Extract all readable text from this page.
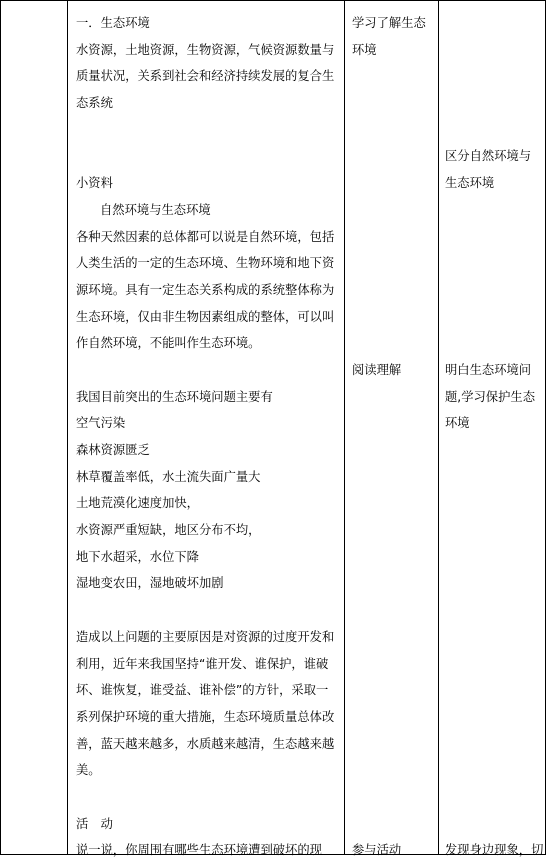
一．生态环境
水资源，土地资源，生物资源，气候资源数量与
质量状况，关系到社会和经济持续发展的复合生
态系统
小资料
自然环境与生态环境
各种天然因素的总体都可以说是自然环境，包括
人类生活的一定的生态环境、生物环境和地下资
源环境。具有一定生态关系构成的系统整体称为
生态环境，仅由非生物因素组成的整体，可以叫
作自然环境，不能叫作生态环境。
我国目前突出的生态环境问题主要有
空气污染
森林资源匮乏
林草覆盖率低，水土流失面广量大
土地荒漠化速度加快，
水资源严重短缺，地区分布不均，
地下水超采，水位下降
湿地变农田，湿地破坏加剧
造成以上问题的主要原因是对资源的过度开发和
利用，近年来我国坚持“谁开发、谁保护，谁破
坏、谁恢复，谁受益、谁补偿”的方针，采取一
系列保护环境的重大措施，生态环境质量总体改
善，蓝天越来越多，水质越来越清，生态越来越
美。
活　动
说一说，你周围有哪些生态环境遭到破坏的现
学习了解生态
环境
阅读理解
参与活动
区分自然环境与
生态环境
明白生态环境问
题,学习保护生态
环境
发现身边现象，切
